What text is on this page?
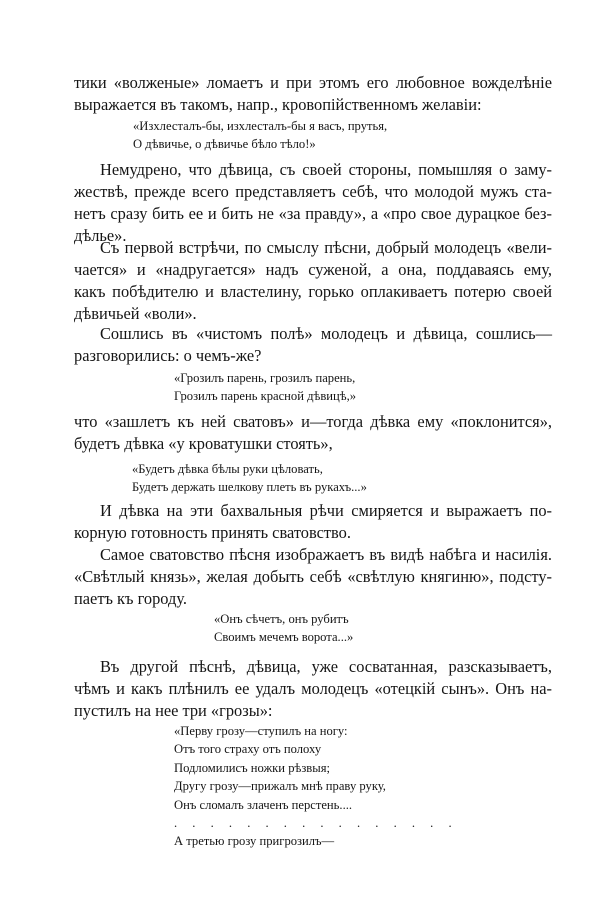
тики «волженые» ломаетъ и при этомъ его любовное вожделѣніе
выражается въ такомъ, напр., кровопійственномъ желавіи:
«Изхлесталъ-бы, изхлесталъ-бы я васъ, прутья,
О дѣвичье, о дѣвичье бѣло тѣло!»
Немудрено, что дѣвица, съ своей стороны, помышляя о заму-
жествѣ, прежде всего представляетъ себѣ, что молодой мужъ ста-
нетъ сразу бить ее и бить не «за правду», а «про свое дурацкое без-
дѣлье».
Съ первой встрѣчи, по смыслу пѣсни, добрый молодецъ «вели-
чается» и «надругается» надъ суженой, а она, поддаваясь ему,
какъ побѣдителю и властелину, горько оплакиваетъ потерю своей
дѣвичьей «воли».
Сошлись въ «чистомъ полѣ» молодецъ и дѣвица, сошлись—
разговорились: о чемъ-же?
«Грозилъ парень, грозилъ парень,
Грозилъ парень красной дѣвицѣ,»
что «зашлетъ къ ней сватовъ» и—тогда дѣвка ему «поклонится»,
будетъ дѣвка «у кроватушки стоять»,
«Будетъ дѣвка бѣлы руки цѣловать,
Будетъ держать шелкову плеть въ рукахъ...»
И дѣвка на эти бахвальныя рѣчи смиряется и выражаетъ по-
корную готовность принять сватовство.
Самое сватовство пѣсня изображаетъ въ видѣ набѣга и насилія.
«Свѣтлый князь», желая добыть себѣ «свѣтлую княгиню», подсту-
паетъ къ городу.
«Онъ сѣчетъ, онъ рубитъ
Своимъ мечемъ ворота...»
Въ другой пѣснѣ, дѣвица, уже сосватанная, разсказываетъ,
чѣмъ и какъ плѣнилъ ее удалъ молодецъ «отецкій сынъ». Онъ на-
пустилъ на нее три «грозы»:
«Перву грозу—ступилъ на ногу:
Отъ того страху отъ полоху
Подломилисъ ножки рѣзвыя;
Другу грозу—прижалъ мнѣ праву руку,
Онъ сломалъ злаченъ перстень....
. . . . . . . . . . . . . . . .
А третью грозу пригрозилъ—
